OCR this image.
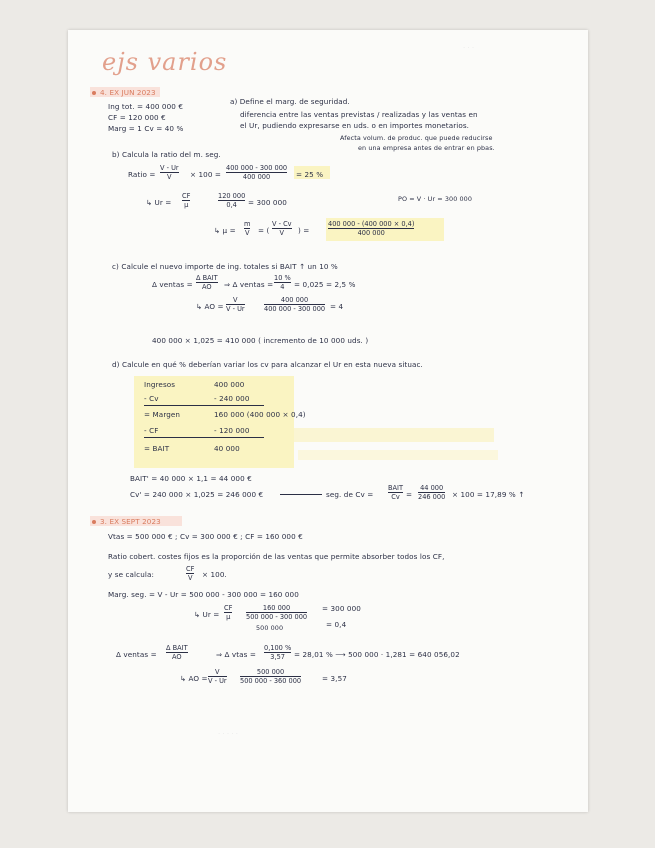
· · ·
ejs varios
4. EX JUN 2023
Ing tot. = 400 000 €
CF = 120 000 €
Marg = 1 Cv = 40 %
a) Define el marg. de seguridad.
diferencia entre las ventas previstas / realizadas y las ventas en
el Ur, pudiendo expresarse en uds. o en importes monetarios.
Afecta volum. de produc. que puede reducirse
en una empresa antes de entrar en pbas.
b) Calcula la ratio del m. seg.
Ratio =
V - Ur
V	× 100 =
400 000 - 300 000
400 000	= 25 %
↳ Ur =
CF
μ
120 000
0,4 = 300 000	PO = V · Ur = 300 000
↳ μ =
m
V = (
V - Cv
V ) =
400 000 - (400 000 × 0,4)
400 000
c) Calcule el nuevo importe de ing. totales si BAIT ↑ un 10 %
Δ ventas =
Δ BAIT
AO ⇒ Δ ventas =
10 %
4 = 0,025 = 2,5 %
↳ AO =
V
V - Ur
400 000
400 000 - 300 000 = 4
400 000 × 1,025 = 410 000 ( incremento de 10 000 uds. )
d) Calcule en qué % deberían variar los cv para alcanzar el Ur en esta nueva situac.
Ingresos	400 000
- Cv	- 240 000
= Margen	160 000 (400 000 × 0,4)
- CF	- 120 000
= BAIT	40 000
BAIT' = 40 000 × 1,1 = 44 000 €
Cv' = 240 000 × 1,025 = 246 000 €	seg. de Cv =
BAIT
Cv =
44 000
246 000 × 100 = 17,89 % ↑
3. EX SEPT 2023
Vtas = 500 000 € ; Cv = 300 000 € ; CF = 160 000 €
Ratio cobert. costes fijos es la proporción de las ventas que permite absorber todos los CF,
y se calcula:
CF
V × 100.
Marg. seg. = V - Ur = 500 000 - 300 000 = 160 000
↳ Ur =
CF
μ
160 000
500 000 - 300 000
= 300 000
500 000	= 0,4
Δ ventas =
Δ BAIT
AO	⇒ Δ vtas =
0,100 %
3,57 = 28,01 % ⟶ 500 000 · 1,281 = 640 056,02
↳ AO =
V
V - Ur
500 000
500 000 - 360 000	= 3,57
· · · · ·
